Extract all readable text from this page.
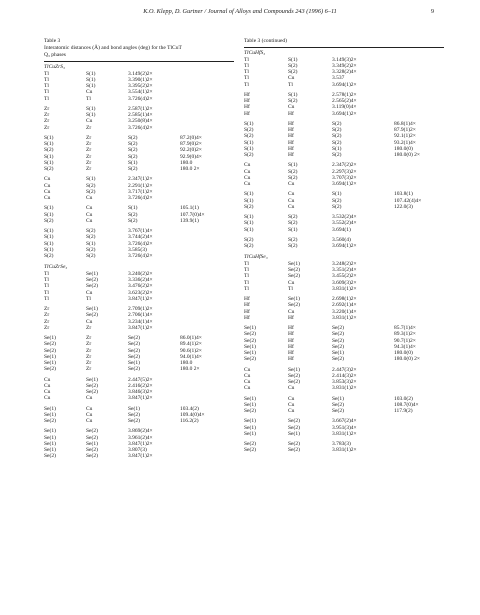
K.O. Klepp, D. Gurtner / Journal of Alloys and Compounds 243 (1996) 6–11	9
Table 3
Interatomic distances (Å) and bond angles (deg) for the TlCuT
Q₃ phases
TlCuZrS₃
Tl	S(1)	3.149(2)2×
Tl	S(1)	3.390(1)2×
Tl	S(1)	3.395(2)2×
Tl	Cu	3.554(1)2×
Tl	Tl	3.726(4)2×
Zr	S(1)	2.587(1)2×
Zr	S(1)	2.585(1)4×
Zr	Cu	3.250(8)4×
Zr	Zr	3.726(4)2×
S(1)	Zr	S(2)	87.2(0)4×
S(1)	Zr	S(2)	87.9(0)2×
S(2)	Zr	S(2)	92.2(0)2×
S(1)	Zr	S(2)	92.9(0)4×
S(1)	Zr	S(1)	180.0
S(2)	Zr	S(2)	180.0 2×
Cu	S(1)	2.347(1)2×
Cu	S(2)	2.291(1)2×
Cu	S(2)	3.717(1)2×
Cu	Cu	3.726(4)2×
S(1)	Cu	S(1)	105.1(1)
S(1)	Cu	S(2)	107.7(0)4×
S(2)	Cu	S(2)	139.9(1)
S(1)	S(2)	3.767(1)4×
S(1)	S(2)	3.744(2)4×
S(1)	S(1)	3.726(4)2×
S(1)	S(2)	3.585(3)
S(2)	S(2)	3.726(4)2×
TlCuZrSe₃
Tl	Se(1)	3.240(2)2×
Tl	Se(2)	3.336(2)4×
Tl	Se(2)	3.476(2)2×
Tl	Cu	3.623(2)2×
Tl	Tl	3.847(1)2×
Zr	Se(1)	2.709(1)2×
Zr	Se(2)	2.706(1)4×
Zr	Cu	3.234(1)4×
Zr	Zr	3.847(1)2×
Se(1)	Zr	Se(2)	86.0(1)4×
Se(2)	Zr	Se(2)	89.4(1)2×
Se(2)	Zr	Se(2)	90.6(1)2×
Se(1)	Zr	Se(2)	94.0(1)4×
Se(1)	Zr	Se(1)	180.0
Se(2)	Zr	Se(2)	180.0 2×
Cu	Se(1)	2.447(5)2×
Cu	Se(2)	2.416(2)2×
Cu	Se(2)	3.846(3)2×
Cu	Cu	3.847(1)2×
Se(1)	Cu	Se(1)	103.4(2)
Se(1)	Cu	Se(2)	109.4(0)4×
Se(2)	Cu	Se(2)	116.2(2)
Se(1)	Se(2)	3.869(2)4×
Se(1)	Se(2)	3.961(2)4×
Se(1)	Se(1)	3.847(1)2×
Se(1)	Se(2)	3.807(3)
Se(2)	Se(2)	3.847(1)2×
Table 3 (continued)
TlCuHfS₃
Tl	S(1)	3.149(3)2×
Tl	S(2)	3.349(2)2×
Tl	S(2)	3.328(2)4×
Tl	Cu	3.537
Tl	Tl	3.694(1)2×
Hf	S(1)	2.578(1)2×
Hf	S(2)	2.565(2)4×
Hf	Cu	3.119(0)4×
Hf	Hf	3.694(1)2×
S(1)	Hf	S(2)	86.8(1)4×
S(2)	Hf	S(2)	87.9(1)2×
S(2)	Hf	S(2)	92.1(1)2×
S(1)	Hf	S(2)	93.2(1)4×
S(1)	Hf	S(1)	180.0(0)
S(2)	Hf	S(2)	180.0(0) 2×
Cu	S(1)	2.347(2)2×
Cu	S(2)	2.297(3)2×
Cu	S(2)	3.707(3)2×
Cu	Cu	3.694(1)2×
S(1)	Cu	S(1)	103.8(1)
S(1)	Cu	S(2)	107.42(4)4×
S(2)	Cu	S(2)	122.0(3)
S(1)	S(2)	3.532(2)4×
S(1)	S(2)	3.552(2)4×
S(1)	S(1)	3.694(1)
S(2)	S(2)	3.560(4)
S(2)	S(2)	3.694(1)2×
TlCuHfSe₃
Tl	Se(1)	3.248(2)2×
Tl	Se(2)	3.351(2)4×
Tl	Se(2)	3.455(2)2×
Tl	Cu	3.609(3)2×
Tl	Tl	3.831(1)2×
Hf	Se(1)	2.698(1)2×
Hf	Se(2)	2.692(1)4×
Hf	Cu	3.220(1)4×
Hf	Hf	3.831(1)2×
Se(1)	Hf	Se(2)	85.7(1)4×
Se(2)	Hf	Se(2)	89.3(1)2×
Se(2)	Hf	Se(2)	90.7(1)2×
Se(1)	Hf	Se(2)	94.3(1)4×
Se(1)	Hf	Se(1)	180.0(0)
Se(2)	Hf	Se(2)	180.0(0) 2×
Cu	Se(1)	2.447(3)2×
Cu	Se(2)	2.414(3)2×
Cu	Se(2)	3.853(3)2×
Cu	Cu	3.831(1)2×
Se(1)	Cu	Se(1)	103.0(2)
Se(1)	Cu	Se(2)	108.7(0)4×
Se(2)	Cu	Se(2)	117.9(2)
Se(1)	Se(2)	3.667(2)4×
Se(1)	Se(2)	3.951(3)4×
Se(1)	Se(1)	3.831(1)2×
Se(2)	Se(2)	3.783(3)
Se(2)	Se(2)	3.831(1)2×
